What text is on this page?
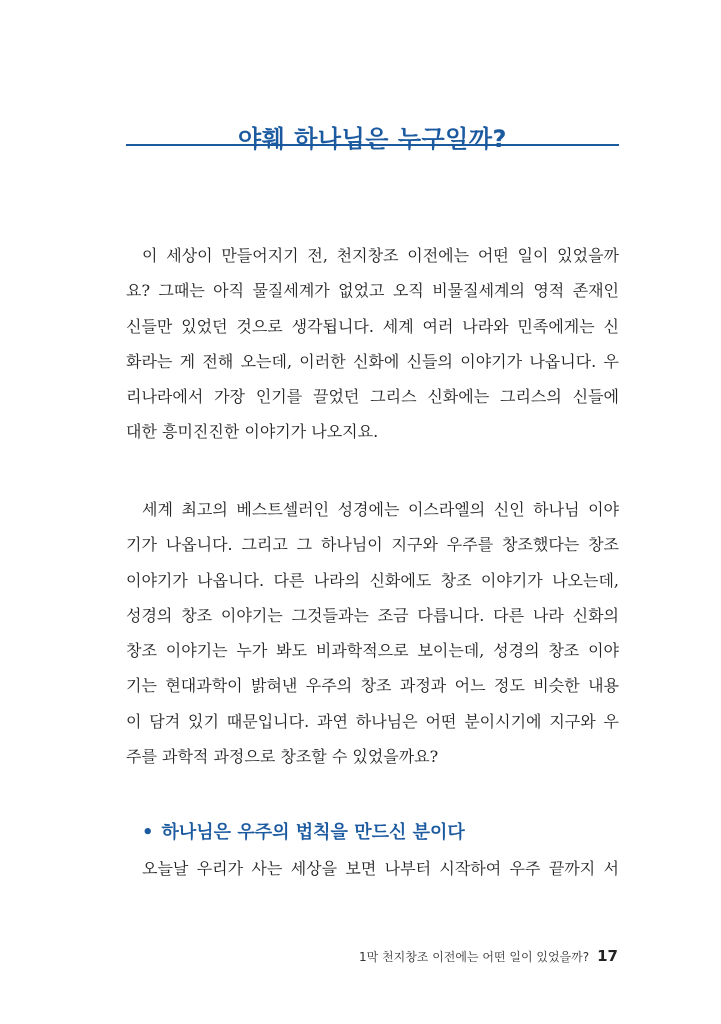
야훼 하나님은 누구일까?
이 세상이 만들어지기 전, 천지창조 이전에는 어떤 일이 있었을까
요? 그때는 아직 물질세계가 없었고 오직 비물질세계의 영적 존재인
신들만 있었던 것으로 생각됩니다. 세계 여러 나라와 민족에게는 신
화라는 게 전해 오는데, 이러한 신화에 신들의 이야기가 나옵니다. 우
리나라에서 가장 인기를 끌었던 그리스 신화에는 그리스의 신들에
대한 흥미진진한 이야기가 나오지요.
세계 최고의 베스트셀러인 성경에는 이스라엘의 신인 하나님 이야
기가 나옵니다. 그리고 그 하나님이 지구와 우주를 창조했다는 창조
이야기가 나옵니다. 다른 나라의 신화에도 창조 이야기가 나오는데,
성경의 창조 이야기는 그것들과는 조금 다릅니다. 다른 나라 신화의
창조 이야기는 누가 봐도 비과학적으로 보이는데, 성경의 창조 이야
기는 현대과학이 밝혀낸 우주의 창조 과정과 어느 정도 비슷한 내용
이 담겨 있기 때문입니다. 과연 하나님은 어떤 분이시기에 지구와 우
주를 과학적 과정으로 창조할 수 있었을까요?
• 하나님은 우주의 법칙을 만드신 분이다
오늘날 우리가 사는 세상을 보면 나부터 시작하여 우주 끝까지 서
1막 천지창조 이전에는 어떤 일이 있었을까? 17
